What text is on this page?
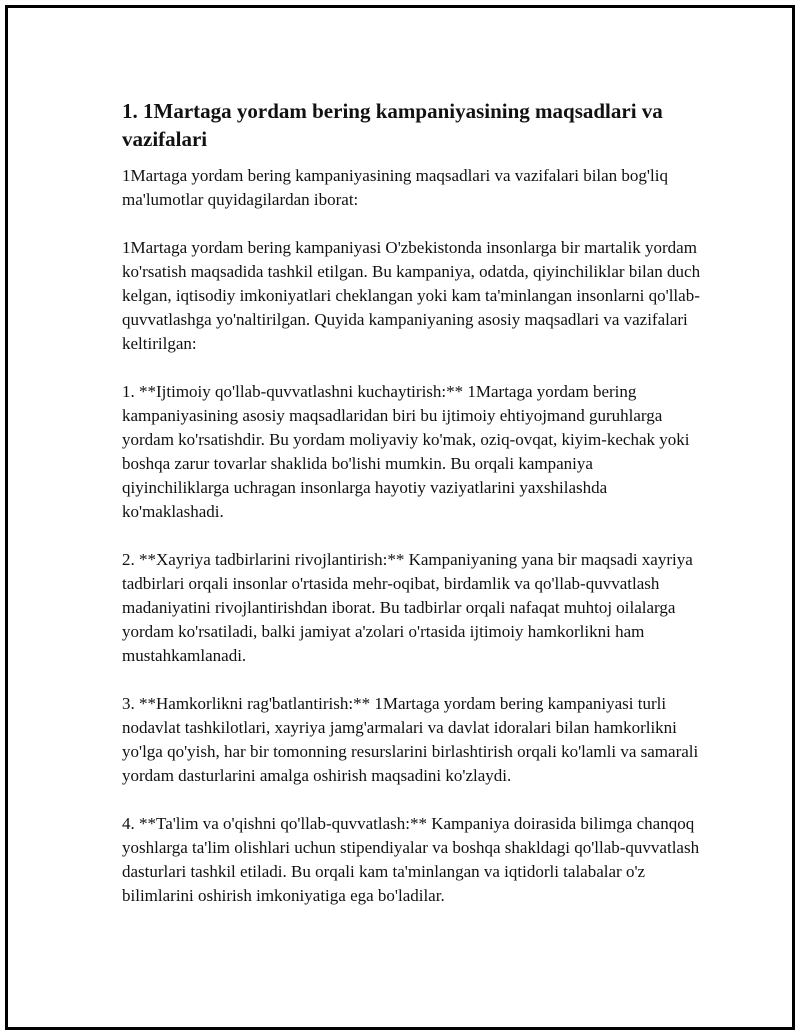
1. 1Martaga yordam bering kampaniyasining maqsadlari va vazifalari

1Martaga yordam bering kampaniyasining maqsadlari va vazifalari bilan bog'liq ma'lumotlar quyidagilardan iborat:

1Martaga yordam bering kampaniyasi O'zbekistonda insonlarga bir martalik yordam ko'rsatish maqsadida tashkil etilgan. Bu kampaniya, odatda, qiyinchiliklar bilan duch kelgan, iqtisodiy imkoniyatlari cheklangan yoki kam ta'minlangan insonlarni qo'llab-quvvatlashga yo'naltirilgan. Quyida kampaniyaning asosiy maqsadlari va vazifalari keltirilgan:

1. **Ijtimoiy qo'llab-quvvatlashni kuchaytirish:** 1Martaga yordam bering kampaniyasining asosiy maqsadlaridan biri bu ijtimoiy ehtiyojmand guruhlarga yordam ko'rsatishdir. Bu yordam moliyaviy ko'mak, oziq-ovqat, kiyim-kechak yoki boshqa zarur tovarlar shaklida bo'lishi mumkin. Bu orqali kampaniya qiyinchiliklarga uchragan insonlarga hayotiy vaziyatlarini yaxshilashda ko'maklashadi.

2. **Xayriya tadbirlarini rivojlantirish:** Kampaniyaning yana bir maqsadi xayriya tadbirlari orqali insonlar o'rtasida mehr-oqibat, birdamlik va qo'llab-quvvatlash madaniyatini rivojlantirishdan iborat. Bu tadbirlar orqali nafaqat muhtoj oilalarga yordam ko'rsatiladi, balki jamiyat a'zolari o'rtasida ijtimoiy hamkorlikni ham mustahkamlanadi.

3. **Hamkorlikni rag'batlantirish:** 1Martaga yordam bering kampaniyasi turli nodavlat tashkilotlari, xayriya jamg'armalari va davlat idoralari bilan hamkorlikni yo'lga qo'yish, har bir tomonning resurslarini birlashtirish orqali ko'lamli va samarali yordam dasturlarini amalga oshirish maqsadini ko'zlaydi.

4. **Ta'lim va o'qishni qo'llab-quvvatlash:** Kampaniya doirasida bilimga chanqoq yoshlarga ta'lim olishlari uchun stipendiyalar va boshqa shakldagi qo'llab-quvvatlash dasturlari tashkil etiladi. Bu orqali kam ta'minlangan va iqtidorli talabalar o'z bilimlarini oshirish imkoniyatiga ega bo'ladilar.
